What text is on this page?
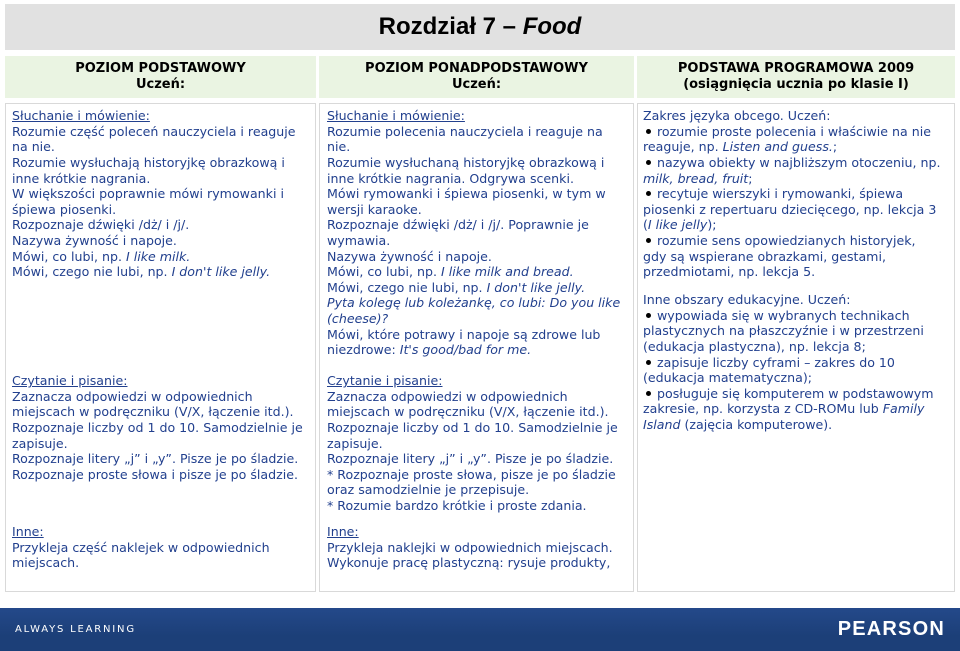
Rozdział 7 – Food
POZIOM PODSTAWOWY
Uczeń:
POZIOM PONADPODSTAWOWY
Uczeń:
PODSTAWA PROGRAMOWA 2009
(osiągnięcia ucznia po klasie I)
Słuchanie i mówienie:
Rozumie część poleceń nauczyciela i reaguje
na nie.
Rozumie wysłuchają historyjkę obrazkową i
inne krótkie nagrania.
W większości poprawnie mówi rymowanki i
śpiewa piosenki.
Rozpoznaje dźwięki /dż/ i /j/.
Nazywa żywność i napoje.
Mówi, co lubi, np. I like milk.
Mówi, czego nie lubi, np. I don't like jelly.
Czytanie i pisanie:
Zaznacza odpowiedzi w odpowiednich
miejscach w podręczniku (V/X, łączenie itd.).
Rozpoznaje liczby od 1 do 10. Samodzielnie je
zapisuje.
Rozpoznaje litery „j” i „y”. Pisze je po śladzie.
Rozpoznaje proste słowa i pisze je po śladzie.
Inne:
Przykleja część naklejek w odpowiednich
miejscach.
Słuchanie i mówienie:
Rozumie polecenia nauczyciela i reaguje na
nie.
Rozumie wysłuchaną historyjkę obrazkową i
inne krótkie nagrania. Odgrywa scenki.
Mówi rymowanki i śpiewa piosenki, w tym w
wersji karaoke.
Rozpoznaje dźwięki /dż/ i /j/. Poprawnie je
wymawia.
Nazywa żywność i napoje.
Mówi, co lubi, np. I like milk and bread.
Mówi, czego nie lubi, np. I don't like jelly.
Pyta kolegę lub koleżankę, co lubi: Do you like
(cheese)?
Mówi, które potrawy i napoje są zdrowe lub
niezdrowe: It's good/bad for me.
Czytanie i pisanie:
Zaznacza odpowiedzi w odpowiednich
miejscach w podręczniku (V/X, łączenie itd.).
Rozpoznaje liczby od 1 do 10. Samodzielnie je
zapisuje.
Rozpoznaje litery „j” i „y”. Pisze je po śladzie.
* Rozpoznaje proste słowa, pisze je po śladzie
oraz samodzielnie je przepisuje.
* Rozumie bardzo krótkie i proste zdania.
Inne:
Przykleja naklejki w odpowiednich miejscach.
Wykonuje pracę plastyczną: rysuje produkty,
Zakres języka obcego. Uczeń:
rozumie proste polecenia i właściwie na nie
reaguje, np. Listen and guess.;
nazywa obiekty w najbliższym otoczeniu, np.
milk, bread, fruit;
recytuje wierszyki i rymowanki, śpiewa
piosenki z repertuaru dziecięcego, np. lekcja 3
(I like jelly);
rozumie sens opowiedzianych historyjek,
gdy są wspierane obrazkami, gestami,
przedmiotami, np. lekcja 5.
Inne obszary edukacyjne. Uczeń:
wypowiada się w wybranych technikach
plastycznych na płaszczyźnie i w przestrzeni
(edukacja plastyczna), np. lekcja 8;
zapisuje liczby cyframi – zakres do 10
(edukacja matematyczna);
posługuje się komputerem w podstawowym
zakresie, np. korzysta z CD-ROMu lub Family
Island (zajęcia komputerowe).
ALWAYS LEARNING	PEARSON
